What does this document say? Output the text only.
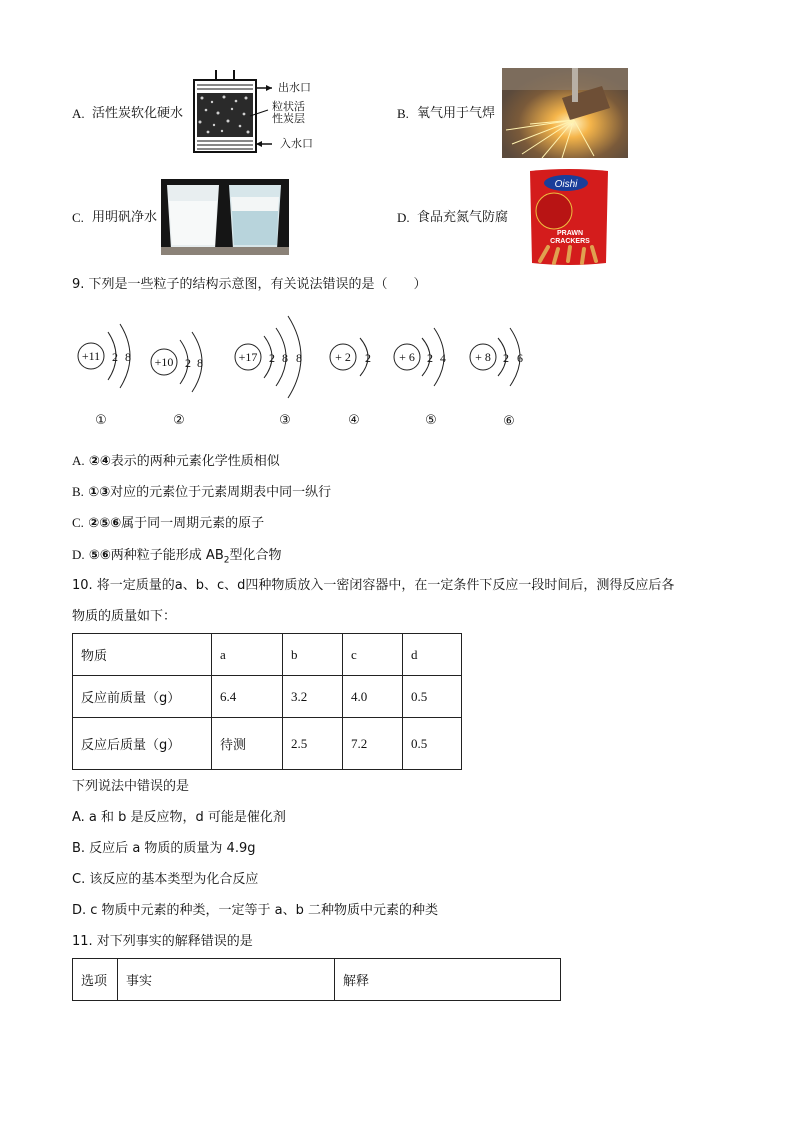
A. 活性炭软化硬水
出水口
粒状活
性炭层
入水口
B. 氧气用于气焊
C. 用明矾净水	D. 食品充氮气防腐
Oishi
PRAWN
CRACKERS
9. 下列是一些粒子的结构示意图，有关说法错误的是（　　）
+11 2 8 +10 2 8	+17 2 8 8	+ 2 2 + 6 2 4 + 8 2 6
①	②	③	④	⑤	⑥
A. ②④表示的两种元素化学性质相似
B. ①③对应的元素位于元素周期表中同一纵行
C. ②⑤⑥属于同一周期元素的原子
D. ⑤⑥两种粒子能形成 $AB_2$型化合物
10. 将一定质量的a、b、c、d四种物质放入一密闭容器中，在一定条件下反应一段时间后，测得反应后各
物质的质量如下：
物质	a	b	c	d
反应前质量（g）	6.4	3.2	4.0	0.5
反应后质量（g）	待测	2.5	7.2	0.5
下列说法中错误的是
A. a 和 b 是反应物，d 可能是催化剂
B. 反应后 a 物质的质量为 4.9g
C. 该反应的基本类型为化合反应
D. c 物质中元素的种类，一定等于 a、b 二种物质中元素的种类
11. 对下列事实的解释错误的是
选项	事实	解释
